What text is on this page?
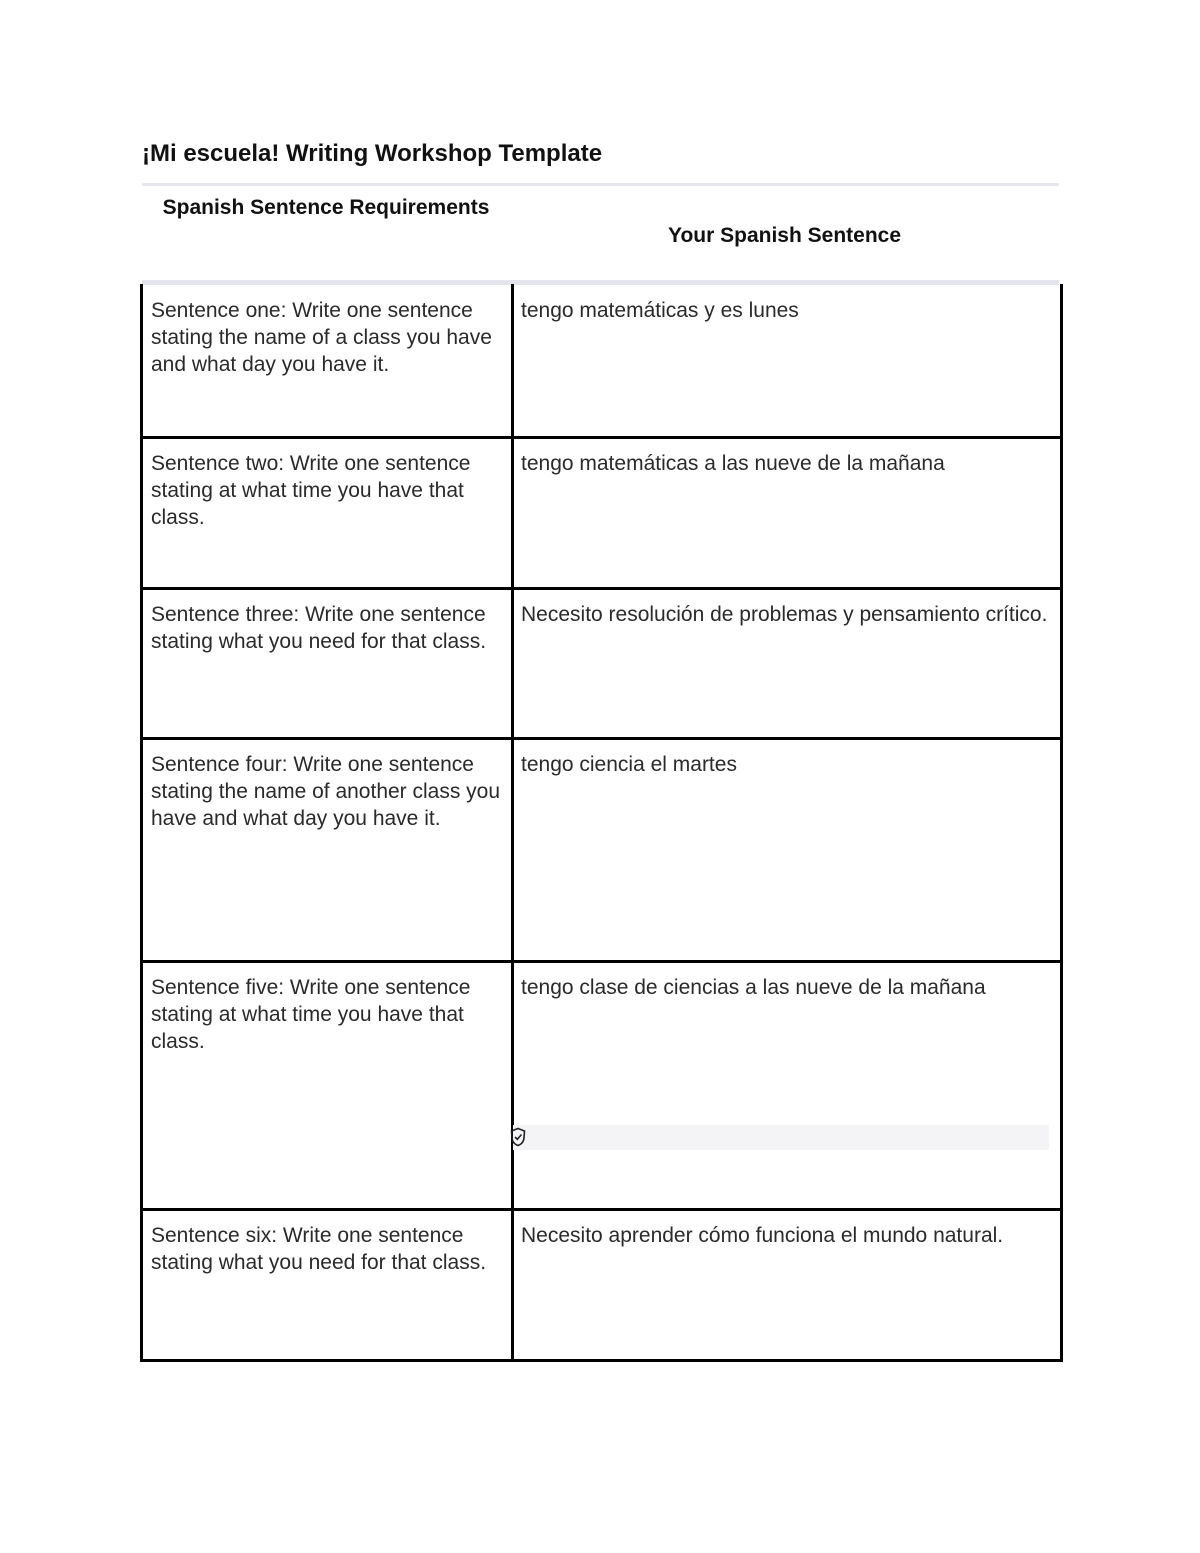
¡Mi escuela! Writing Workshop Template
Spanish Sentence Requirements
Your Spanish Sentence
Sentence one: Write one sentence stating the name of a class you have and what day you have it.
tengo matemáticas y es lunes
Sentence two: Write one sentence stating at what time you have that class.
tengo matemáticas a las nueve de la mañana
Sentence three: Write one sentence stating what you need for that class.
Necesito resolución de problemas y pensamiento crítico.
Sentence four: Write one sentence stating the name of another class you have and what day you have it.
tengo ciencia el martes
Sentence five: Write one sentence stating at what time you have that class.
tengo clase de ciencias a las nueve de la mañana
Sentence six: Write one sentence stating what you need for that class.
Necesito aprender cómo funciona el mundo natural.
